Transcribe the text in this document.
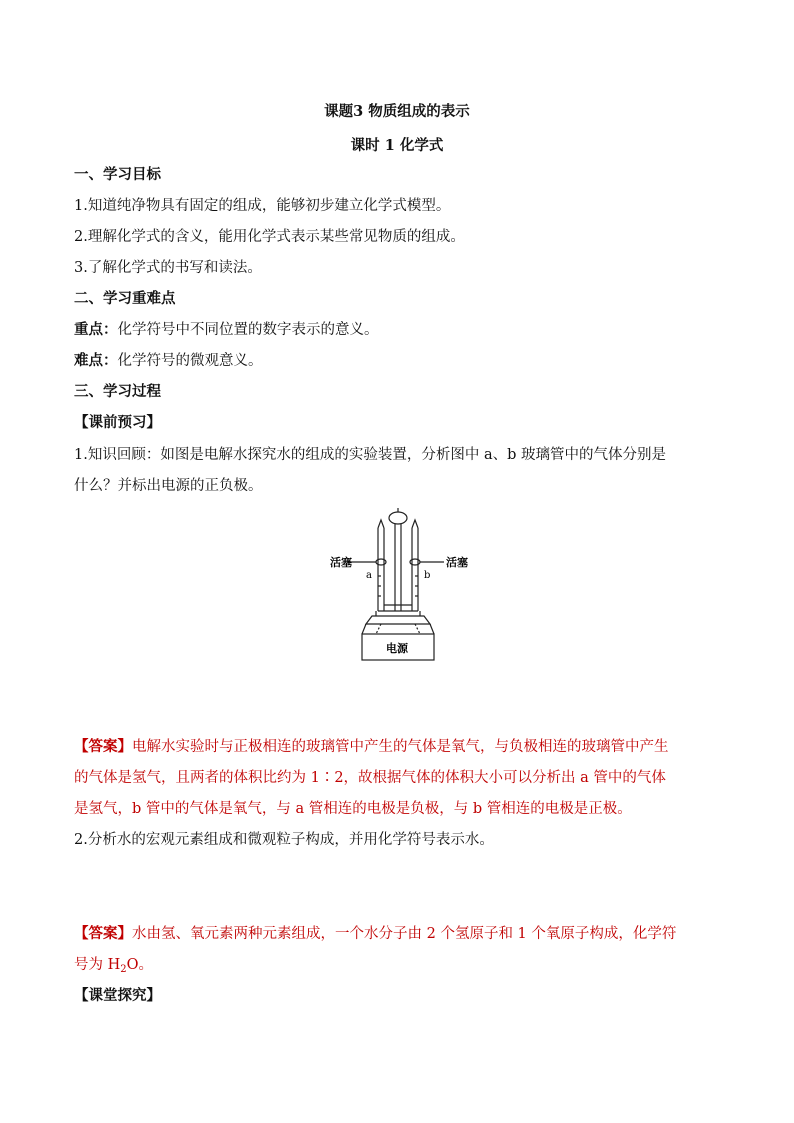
课题3 物质组成的表示
课时 1 化学式
一、学习目标
1.知道纯净物具有固定的组成，能够初步建立化学式模型。
2.理解化学式的含义，能用化学式表示某些常见物质的组成。
3.了解化学式的书写和读法。
二、学习重难点
重点：化学符号中不同位置的数字表示的意义。
难点：化学符号的微观意义。
三、学习过程
【课前预习】
1.知识回顾：如图是电解水探究水的组成的实验装置，分析图中 a、b 玻璃管中的气体分别是
什么？并标出电源的正负极。
活塞	活塞
a	b
电源
【答案】电解水实验时与正极相连的玻璃管中产生的气体是氧气，与负极相连的玻璃管中产生
的气体是氢气，且两者的体积比约为 1∶2，故根据气体的体积大小可以分析出 a 管中的气体
是氢气，b 管中的气体是氧气，与 a 管相连的电极是负极，与 b 管相连的电极是正极。
2.分析水的宏观元素组成和微观粒子构成，并用化学符号表示水。
【答案】水由氢、氧元素两种元素组成，一个水分子由 2 个氢原子和 1 个氧原子构成，化学符
号为 $H_2O$。
【课堂探究】
